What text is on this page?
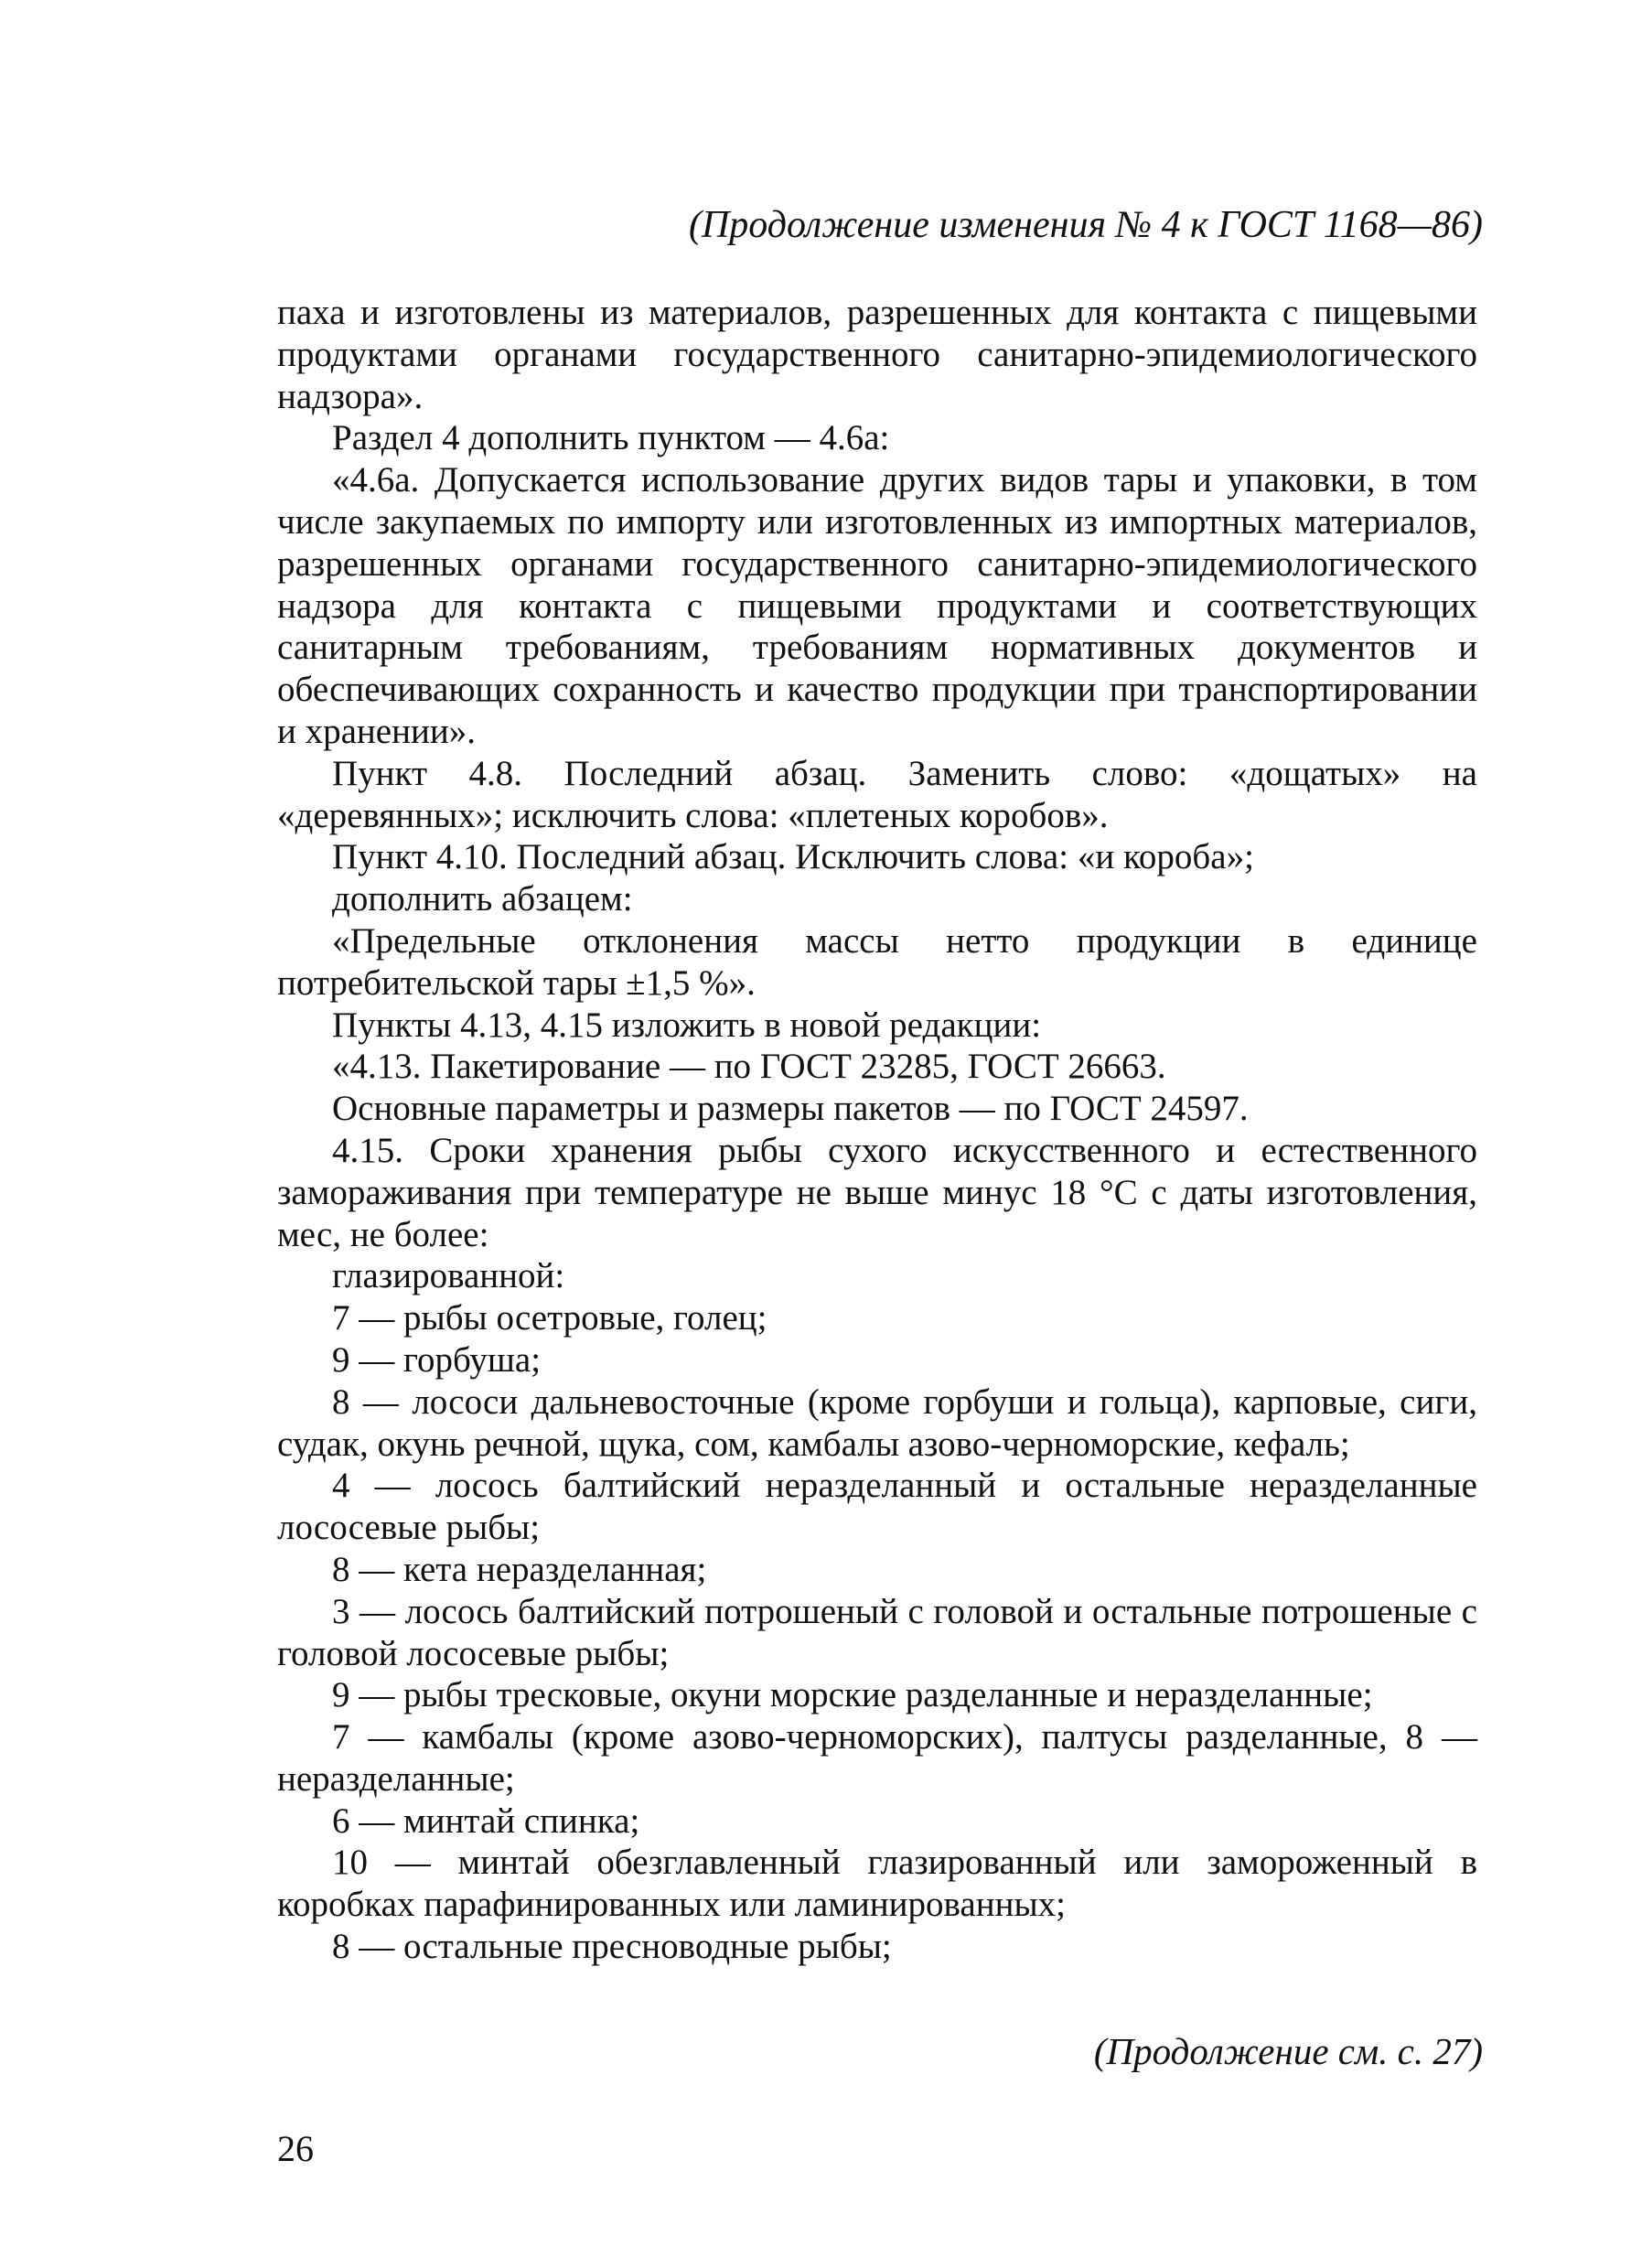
(Продолжение изменения № 4 к ГОСТ 1168—86)

паха и изготовлены из материалов, разрешенных для контакта с пищевыми продуктами органами государственного санитарно-эпидемиологического надзора».

Раздел 4 дополнить пунктом — 4.6а:

«4.6а. Допускается использование других видов тары и упаковки, в том числе закупаемых по импорту или изготовленных из импортных материалов, разрешенных органами государственного санитарно-эпидемиологического надзора для контакта с пищевыми продуктами и соответствующих санитарным требованиям, требованиям нормативных документов и обеспечивающих сохранность и качество продукции при транспортировании и хранении».

Пункт 4.8. Последний абзац. Заменить слово: «дощатых» на «деревянных»; исключить слова: «плетеных коробов».

Пункт 4.10. Последний абзац. Исключить слова: «и короба»;

дополнить абзацем:

«Предельные отклонения массы нетто продукции в единице потребительской тары ±1,5 %».

Пункты 4.13, 4.15 изложить в новой редакции:

«4.13. Пакетирование — по ГОСТ 23285, ГОСТ 26663.

Основные параметры и размеры пакетов — по ГОСТ 24597.

4.15. Сроки хранения рыбы сухого искусственного и естественного замораживания при температуре не выше минус 18 °С с даты изготовления, мес, не более:

глазированной:

7 — рыбы осетровые, голец;

9 — горбуша;

8 — лососи дальневосточные (кроме горбуши и гольца), карповые, сиги, судак, окунь речной, щука, сом, камбалы азово-черноморские, кефаль;

4 — лосось балтийский неразделанный и остальные неразделанные лососевые рыбы;

8 — кета неразделанная;

3 — лосось балтийский потрошеный с головой и остальные потрошеные с головой лососевые рыбы;

9 — рыбы тресковые, окуни морские разделанные и неразделанные;

7 — камбалы (кроме азово-черноморских), палтусы разделанные, 8 — неразделанные;

6 — минтай спинка;

10 — минтай обезглавленный глазированный или замороженный в коробках парафинированных или ламинированных;

8 — остальные пресноводные рыбы;

(Продолжение см. с. 27)
26
